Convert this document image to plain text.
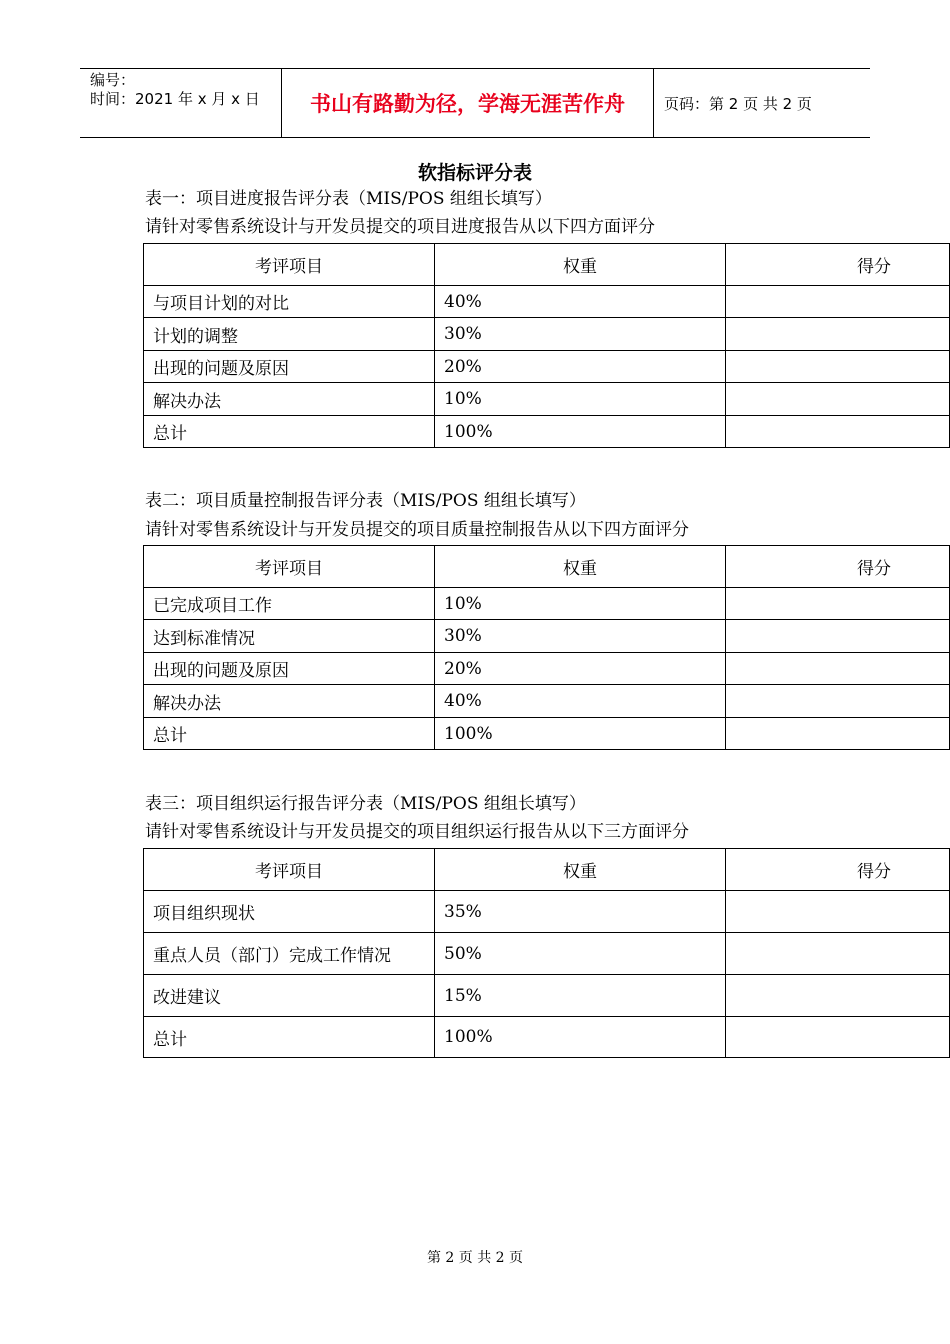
编号：
时间：2021 年 x 月 x 日	书山有路勤为径，学海无涯苦作舟	页码：第 2 页 共 2 页
软指标评分表
表一：项目进度报告评分表（MIS/POS 组组长填写）
请针对零售系统设计与开发员提交的项目进度报告从以下四方面评分
考评项目	权重	得分
与项目计划的对比	40%	
计划的调整	30%	
出现的问题及原因	20%	
解决办法	10%	
总计	100%	
表二：项目质量控制报告评分表（MIS/POS 组组长填写）
请针对零售系统设计与开发员提交的项目质量控制报告从以下四方面评分
考评项目	权重	得分
已完成项目工作	10%	
达到标准情况	30%	
出现的问题及原因	20%	
解决办法	40%	
总计	100%	
表三：项目组织运行报告评分表（MIS/POS 组组长填写）
请针对零售系统设计与开发员提交的项目组织运行报告从以下三方面评分
考评项目	权重	得分
项目组织现状	35%	
重点人员（部门）完成工作情况	50%	
改进建议	15%	
总计	100%	
第 2 页 共 2 页
